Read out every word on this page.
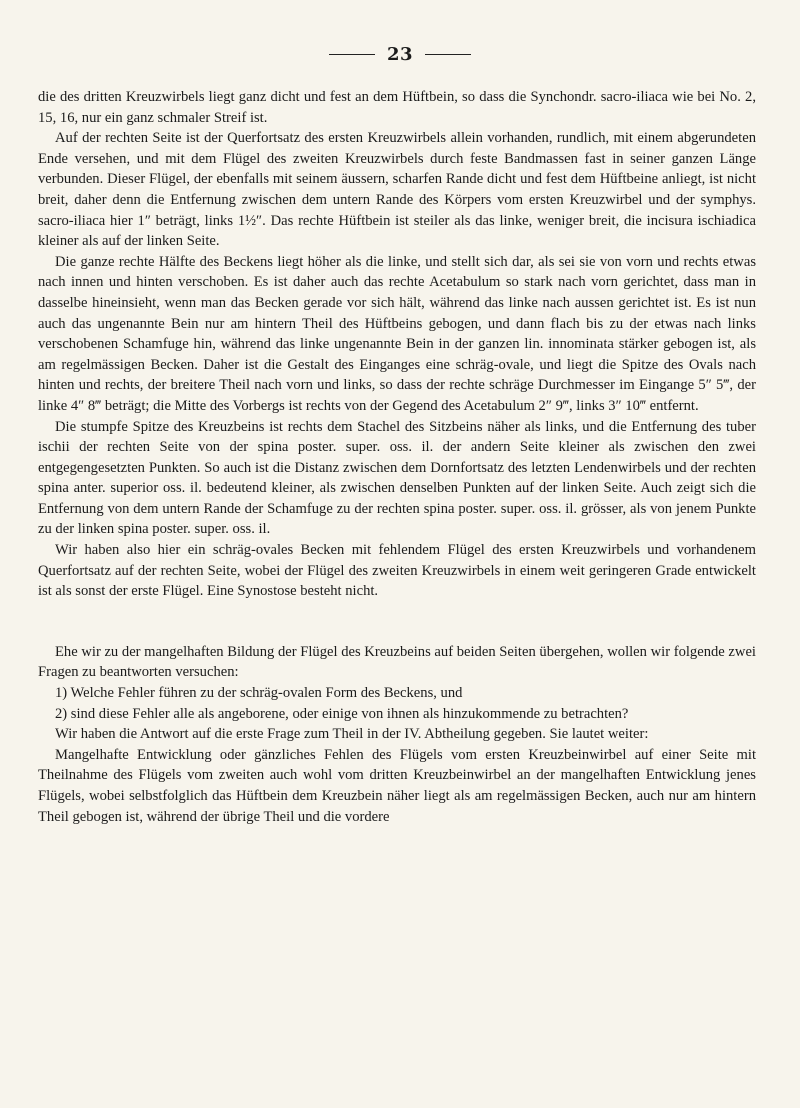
23

die des dritten Kreuzwirbels liegt ganz dicht und fest an dem Hüftbein, so dass die Synchondr. sacro-iliaca wie bei No. 2, 15, 16, nur ein ganz schmaler Streif ist.

Auf der rechten Seite ist der Querfortsatz des ersten Kreuzwirbels allein vorhanden, rundlich, mit einem abgerundeten Ende versehen, und mit dem Flügel des zweiten Kreuzwirbels durch feste Bandmassen fast in seiner ganzen Länge verbunden. Dieser Flügel, der ebenfalls mit seinem äussern, scharfen Rande dicht und fest dem Hüftbeine anliegt, ist nicht breit, daher denn die Entfernung zwischen dem untern Rande des Körpers vom ersten Kreuzwirbel und der symphys. sacro-iliaca hier 1″ beträgt, links 1½″. Das rechte Hüftbein ist steiler als das linke, weniger breit, die incisura ischiadica kleiner als auf der linken Seite.

Die ganze rechte Hälfte des Beckens liegt höher als die linke, und stellt sich dar, als sei sie von vorn und rechts etwas nach innen und hinten verschoben. Es ist daher auch das rechte Acetabulum so stark nach vorn gerichtet, dass man in dasselbe hineinsieht, wenn man das Becken gerade vor sich hält, während das linke nach aussen gerichtet ist. Es ist nun auch das ungenannte Bein nur am hintern Theil des Hüftbeins gebogen, und dann flach bis zu der etwas nach links verschobenen Schamfuge hin, während das linke ungenannte Bein in der ganzen lin. innominata stärker gebogen ist, als am regelmässigen Becken. Daher ist die Gestalt des Einganges eine schräg-ovale, und liegt die Spitze des Ovals nach hinten und rechts, der breitere Theil nach vorn und links, so dass der rechte schräge Durchmesser im Eingange 5″ 5‴, der linke 4″ 8‴ beträgt; die Mitte des Vorbergs ist rechts von der Gegend des Acetabulum 2″ 9‴, links 3″ 10‴ entfernt.

Die stumpfe Spitze des Kreuzbeins ist rechts dem Stachel des Sitzbeins näher als links, und die Entfernung des tuber ischii der rechten Seite von der spina poster. super. oss. il. der andern Seite kleiner als zwischen den zwei entgegengesetzten Punkten. So auch ist die Distanz zwischen dem Dornfortsatz des letzten Lendenwirbels und der rechten spina anter. superior oss. il. bedeutend kleiner, als zwischen denselben Punkten auf der linken Seite. Auch zeigt sich die Entfernung von dem untern Rande der Schamfuge zu der rechten spina poster. super. oss. il. grösser, als von jenem Punkte zu der linken spina poster. super. oss. il.

Wir haben also hier ein schräg-ovales Becken mit fehlendem Flügel des ersten Kreuzwirbels und vorhandenem Querfortsatz auf der rechten Seite, wobei der Flügel des zweiten Kreuzwirbels in einem weit geringeren Grade entwickelt ist als sonst der erste Flügel. Eine Synostose besteht nicht.

Ehe wir zu der mangelhaften Bildung der Flügel des Kreuzbeins auf beiden Seiten übergehen, wollen wir folgende zwei Fragen zu beantworten versuchen:

1) Welche Fehler führen zu der schräg-ovalen Form des Beckens, und

2) sind diese Fehler alle als angeborene, oder einige von ihnen als hinzukommende zu betrachten?

Wir haben die Antwort auf die erste Frage zum Theil in der IV. Abtheilung gegeben. Sie lautet weiter:

Mangelhafte Entwicklung oder gänzliches Fehlen des Flügels vom ersten Kreuzbeinwirbel auf einer Seite mit Theilnahme des Flügels vom zweiten auch wohl vom dritten Kreuzbeinwirbel an der mangelhaften Entwicklung jenes Flügels, wobei selbstfolglich das Hüftbein dem Kreuzbein näher liegt als am regelmässigen Becken, auch nur am hintern Theil gebogen ist, während der übrige Theil und die vordere
